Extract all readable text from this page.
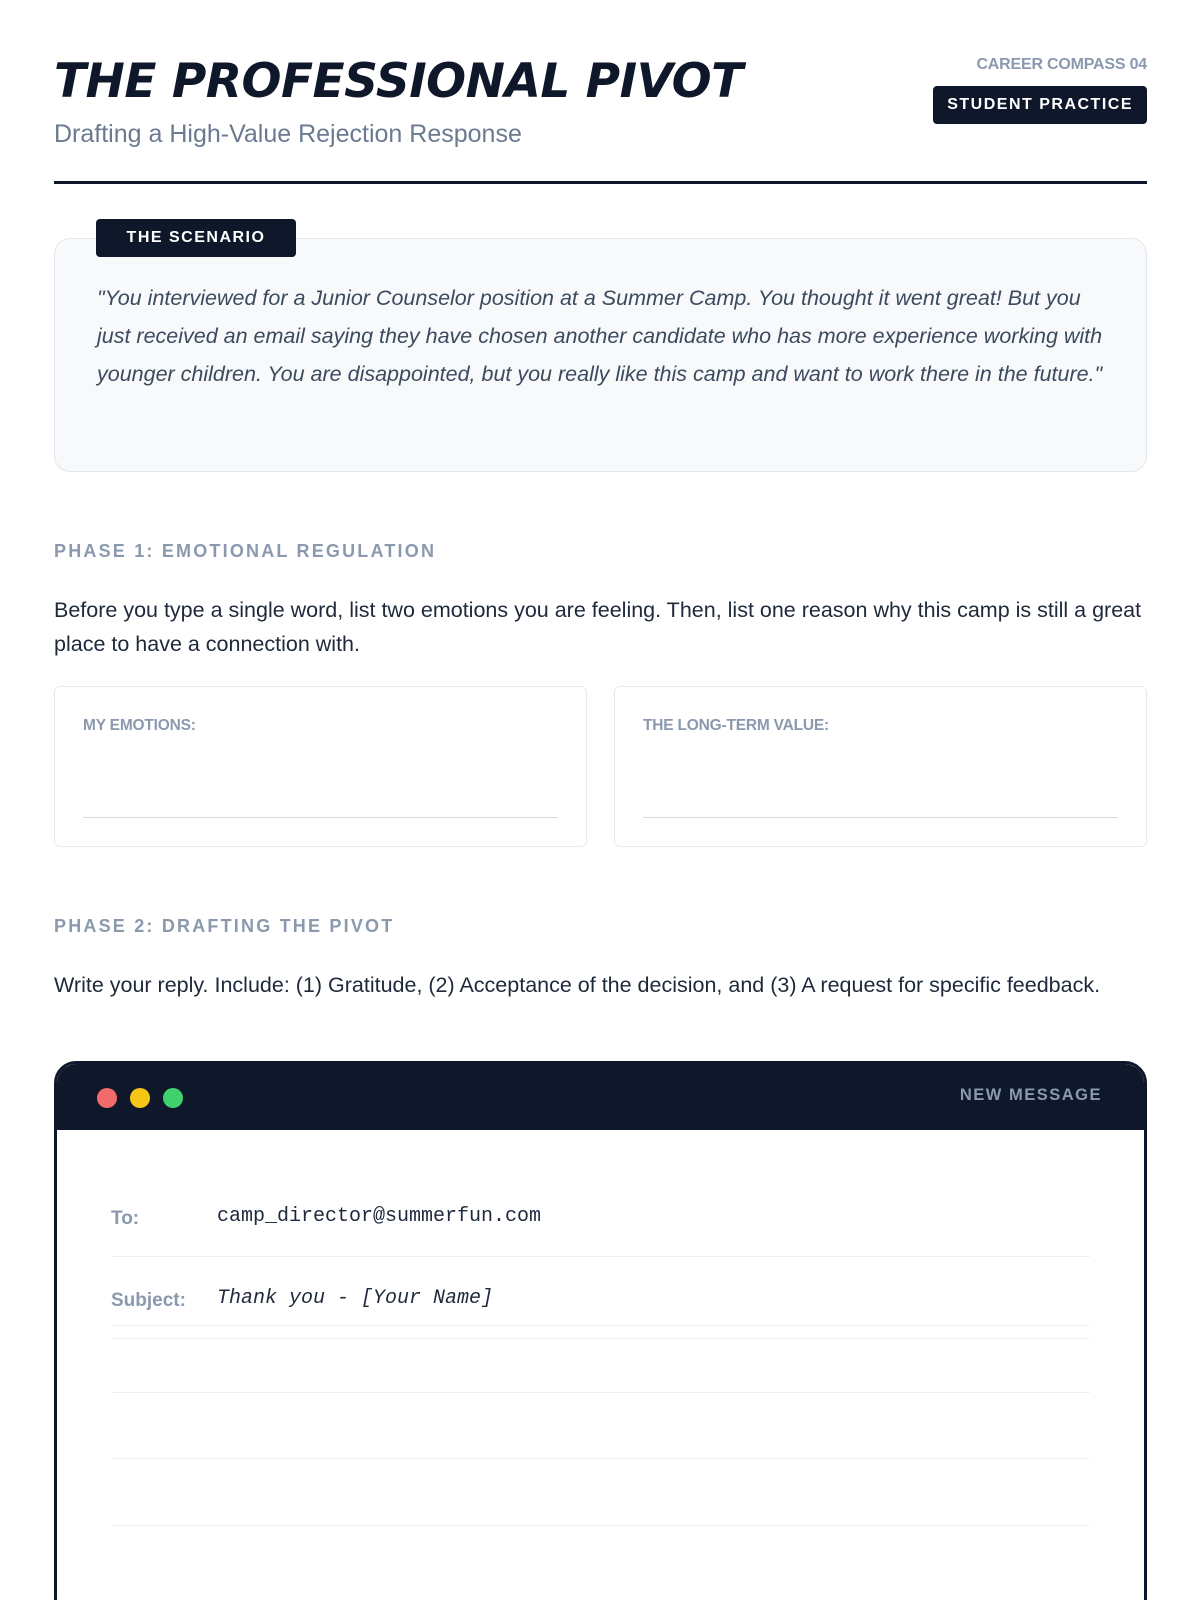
THE PROFESSIONAL PIVOT
Drafting a High-Value Rejection Response
CAREER COMPASS 04
STUDENT PRACTICE
"You interviewed for a Junior Counselor position at a Summer Camp. You thought it went great! But you just received an email saying they have chosen another candidate who has more experience working with younger children. You are disappointed, but you really like this camp and want to work there in the future."
THE SCENARIO
PHASE 1: EMOTIONAL REGULATION
Before you type a single word, list two emotions you are feeling. Then, list one reason why this camp is still a great place to have a connection with.
MY EMOTIONS:	THE LONG-TERM VALUE:
PHASE 2: DRAFTING THE PIVOT
Write your reply. Include: (1) Gratitude, (2) Acceptance of the decision, and (3) A request for specific feedback.
NEW MESSAGE
To:	camp_director@summerfun.com
Subject: Thank you - [Your Name]
